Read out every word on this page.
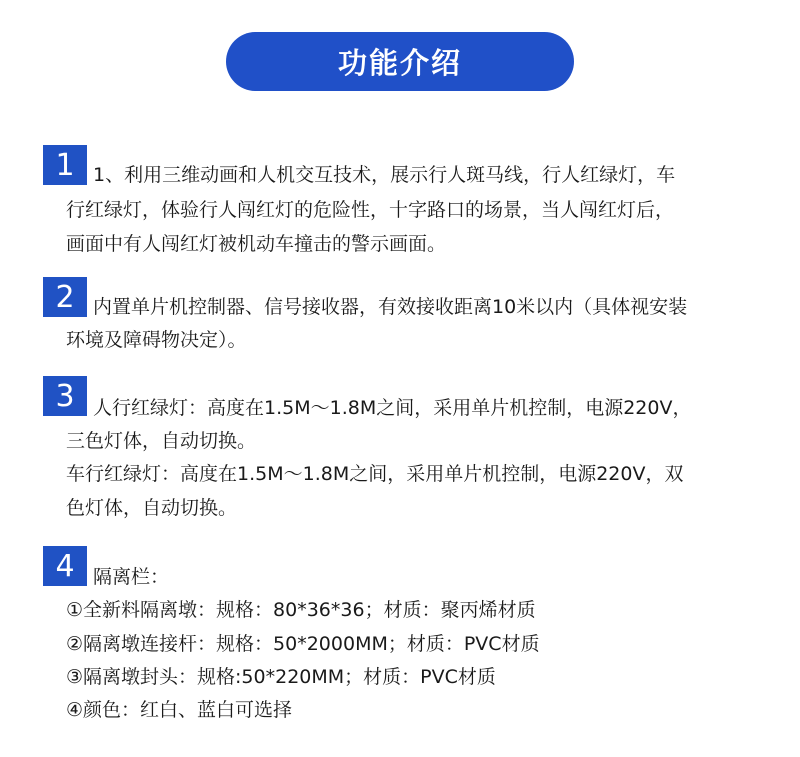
功能介绍
1 1、利用三维动画和人机交互技术，展示行人斑马线，行人红绿灯，车
行红绿灯，体验行人闯红灯的危险性，十字路口的场景，当人闯红灯后，
画面中有人闯红灯被机动车撞击的警示画面。
2 内置单片机控制器、信号接收器，有效接收距离10米以内（具体视安装
环境及障碍物决定）。
3 人行红绿灯：高度在1.5M～1.8M之间，采用单片机控制，电源220V，
三色灯体，自动切换。
车行红绿灯：高度在1.5M～1.8M之间，采用单片机控制，电源220V，双
色灯体，自动切换。
4 隔离栏：
①全新料隔离墩：规格：80*36*36；材质：聚丙烯材质
②隔离墩连接杆：规格：50*2000MM；材质：PVC材质
③隔离墩封头：规格:50*220MM；材质：PVC材质
④颜色：红白、蓝白可选择
